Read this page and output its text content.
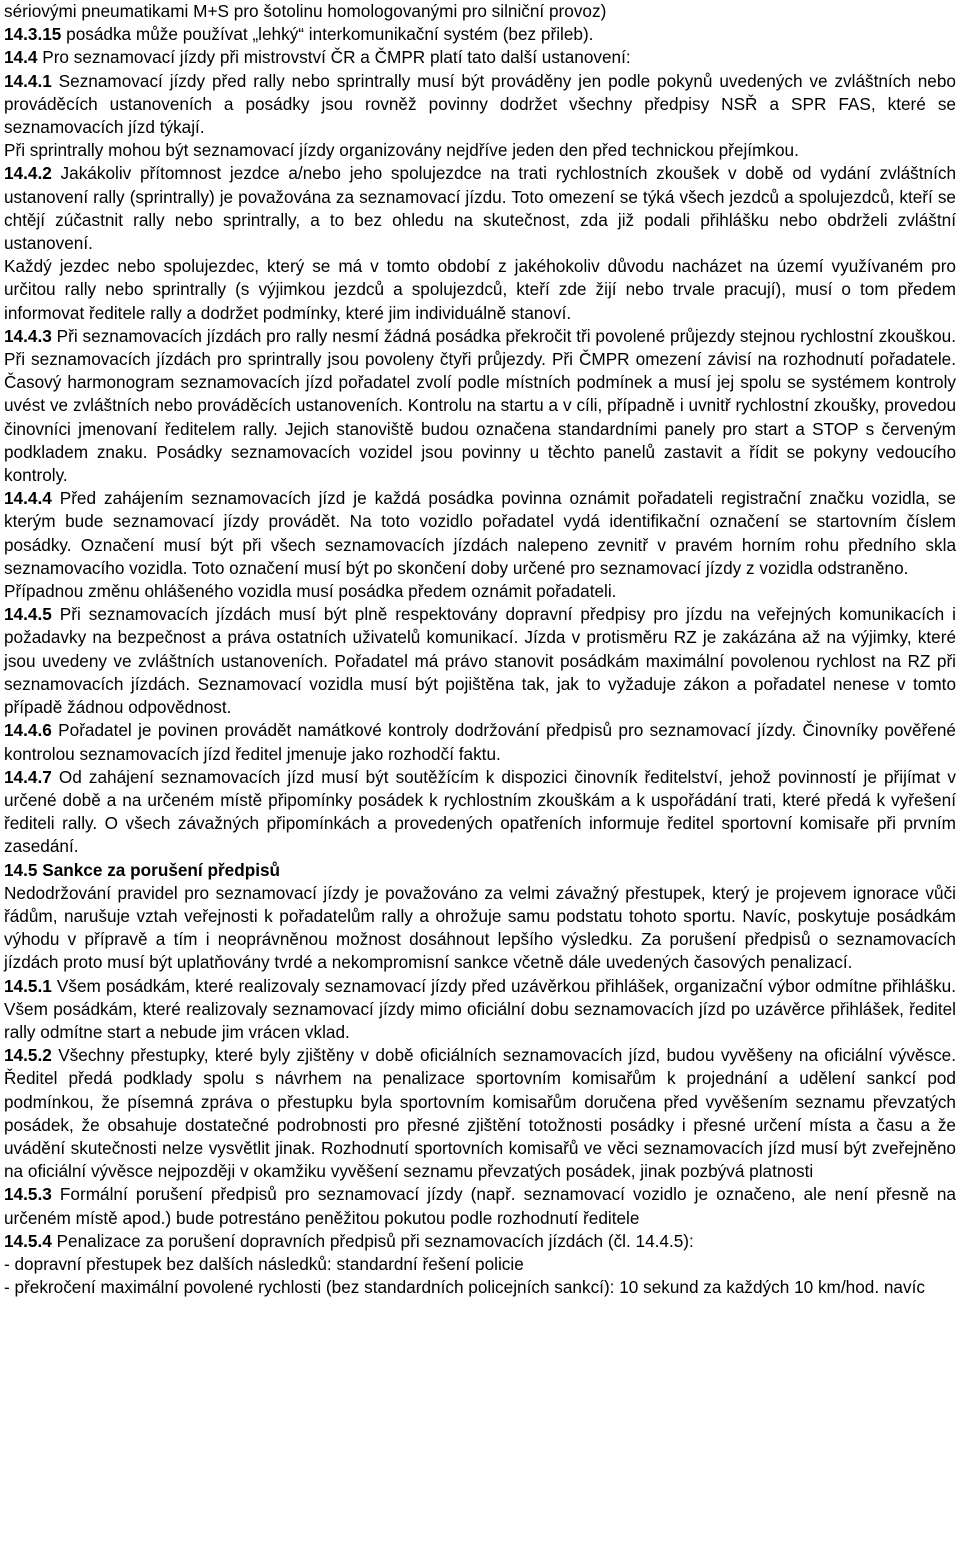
sériovými pneumatikami M+S pro šotolinu homologovanými pro silniční provoz)

14.3.15 posádka může používat „lehký“ interkomunikační systém (bez přileb).

14.4 Pro seznamovací jízdy při mistrovství ČR a ČMPR platí tato další ustanovení:

14.4.1 Seznamovací jízdy před rally nebo sprintrally musí být prováděny jen podle pokynů uvedených ve zvláštních nebo prováděcích ustanoveních a posádky jsou rovněž povinny dodržet všechny předpisy NSŘ a SPR FAS, které se seznamovacích jízd týkají.

Při sprintrally mohou být seznamovací jízdy organizovány nejdříve jeden den před technickou přejímkou.

14.4.2 Jakákoliv přítomnost jezdce a/nebo jeho spolujezdce na trati rychlostních zkoušek v době od vydání zvláštních ustanovení rally (sprintrally) je považována za seznamovací jízdu. Toto omezení se týká všech jezdců a spolujezdců, kteří se chtějí zúčastnit rally nebo sprintrally, a to bez ohledu na skutečnost, zda již podali přihlášku nebo obdrželi zvláštní ustanovení.

Každý jezdec nebo spolujezdec, který se má v tomto období z jakéhokoliv důvodu nacházet na území využívaném pro určitou rally nebo sprintrally (s výjimkou jezdců a spolujezdců, kteří zde žijí nebo trvale pracují), musí o tom předem informovat ředitele rally a dodržet podmínky, které jim individuálně stanoví.

14.4.3 Při seznamovacích jízdách pro rally nesmí žádná posádka překročit tři povolené průjezdy stejnou rychlostní zkouškou. Při seznamovacích jízdách pro sprintrally jsou povoleny čtyři průjezdy. Při ČMPR omezení závisí na rozhodnutí pořadatele. Časový harmonogram seznamovacích jízd pořadatel zvolí podle místních podmínek a musí jej spolu se systémem kontroly uvést ve zvláštních nebo prováděcích ustanoveních. Kontrolu na startu a v cíli, případně i uvnitř rychlostní zkoušky, provedou činovníci jmenovaní ředitelem rally. Jejich stanoviště budou označena standardními panely pro start a STOP s červeným podkladem znaku. Posádky seznamovacích vozidel jsou povinny u těchto panelů zastavit a řídit se pokyny vedoucího kontroly.

14.4.4 Před zahájením seznamovacích jízd je každá posádka povinna oznámit pořadateli registrační značku vozidla, se kterým bude seznamovací jízdy provádět. Na toto vozidlo pořadatel vydá identifikační označení se startovním číslem posádky. Označení musí být při všech seznamovacích jízdách nalepeno zevnitř v pravém horním rohu předního skla seznamovacího vozidla. Toto označení musí být po skončení doby určené pro seznamovací jízdy z vozidla odstraněno.

Případnou změnu ohlášeného vozidla musí posádka předem oznámit pořadateli.

14.4.5 Při seznamovacích jízdách musí být plně respektovány dopravní předpisy pro jízdu na veřejných komunikacích i požadavky na bezpečnost a práva ostatních uživatelů komunikací. Jízda v protisměru RZ je zakázána až na výjimky, které jsou uvedeny ve zvláštních ustanoveních. Pořadatel má právo stanovit posádkám maximální povolenou rychlost na RZ při seznamovacích jízdách. Seznamovací vozidla musí být pojištěna tak, jak to vyžaduje zákon a pořadatel nenese v tomto případě žádnou odpovědnost.

14.4.6 Pořadatel je povinen provádět namátkové kontroly dodržování předpisů pro seznamovací jízdy. Činovníky pověřené kontrolou seznamovacích jízd ředitel jmenuje jako rozhodčí faktu.

14.4.7 Od zahájení seznamovacích jízd musí být soutěžícím k dispozici činovník ředitelství, jehož povinností je přijímat v určené době a na určeném místě připomínky posádek k rychlostním zkouškám a k uspořádání trati, které předá k vyřešení řediteli rally. O všech závažných připomínkách a provedených opatřeních informuje ředitel sportovní komisaře při prvním zasedání.

14.5 Sankce za porušení předpisů

Nedodržování pravidel pro seznamovací jízdy je považováno za velmi závažný přestupek, který je projevem ignorace vůči řádům, narušuje vztah veřejnosti k pořadatelům rally a ohrožuje samu podstatu tohoto sportu. Navíc, poskytuje posádkám výhodu v přípravě a tím i neoprávněnou možnost dosáhnout lepšího výsledku. Za porušení předpisů o seznamovacích jízdách proto musí být uplatňovány tvrdé a nekompromisní sankce včetně dále uvedených časových penalizací.

14.5.1 Všem posádkám, které realizovaly seznamovací jízdy před uzávěrkou přihlášek, organizační výbor odmítne přihlášku. Všem posádkám, které realizovaly seznamovací jízdy mimo oficiální dobu seznamovacích jízd po uzávěrce přihlášek, ředitel rally odmítne start a nebude jim vrácen vklad.

14.5.2 Všechny přestupky, které byly zjištěny v době oficiálních seznamovacích jízd, budou vyvěšeny na oficiální vývěsce. Ředitel předá podklady spolu s návrhem na penalizace sportovním komisařům k projednání a udělení sankcí pod podmínkou, že písemná zpráva o přestupku byla sportovním komisařům doručena před vyvěšením seznamu převzatých posádek, že obsahuje dostatečné podrobnosti pro přesné zjištění totožnosti posádky i přesné určení místa a času a že uvádění skutečnosti nelze vysvětlit jinak. Rozhodnutí sportovních komisařů ve věci seznamovacích jízd musí být zveřejněno na oficiální vývěsce nejpozději v okamžiku vyvěšení seznamu převzatých posádek, jinak pozbývá platnosti

14.5.3 Formální porušení předpisů pro seznamovací jízdy (např. seznamovací vozidlo je označeno, ale není přesně na určeném místě apod.) bude potrestáno peněžitou pokutou podle rozhodnutí ředitele

14.5.4 Penalizace za porušení dopravních předpisů při seznamovacích jízdách (čl. 14.4.5):

- dopravní přestupek bez dalších následků: standardní řešení policie

- překročení maximální povolené rychlosti (bez standardních policejních sankcí): 10 sekund za každých 10 km/hod. navíc
